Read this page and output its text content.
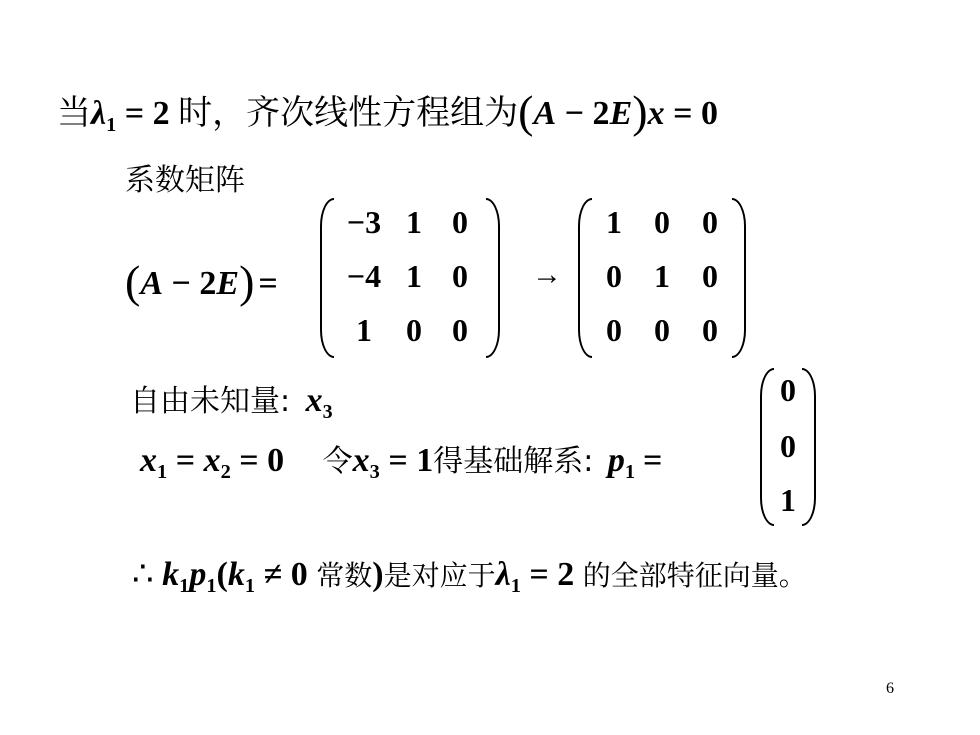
当$\lambda_1 = 2$ 时，齐次线性方程组为(A − 2E)x = 0
系数矩阵
(A − 2E) =
−3 1 0
−4 1 0
1	0 0
→
1	0	0
0	1	0
0	0	0
自由未知量: $x_3$
$x_1 = x_2 = 0$ 令$x_3 = 1$得基础解系: $p_1$ =
0
0
1
∴ $k_1p_1(k_1 \ne 0$ 常数)是对应于$\lambda_1 = 2$ 的全部特征向量。
6
